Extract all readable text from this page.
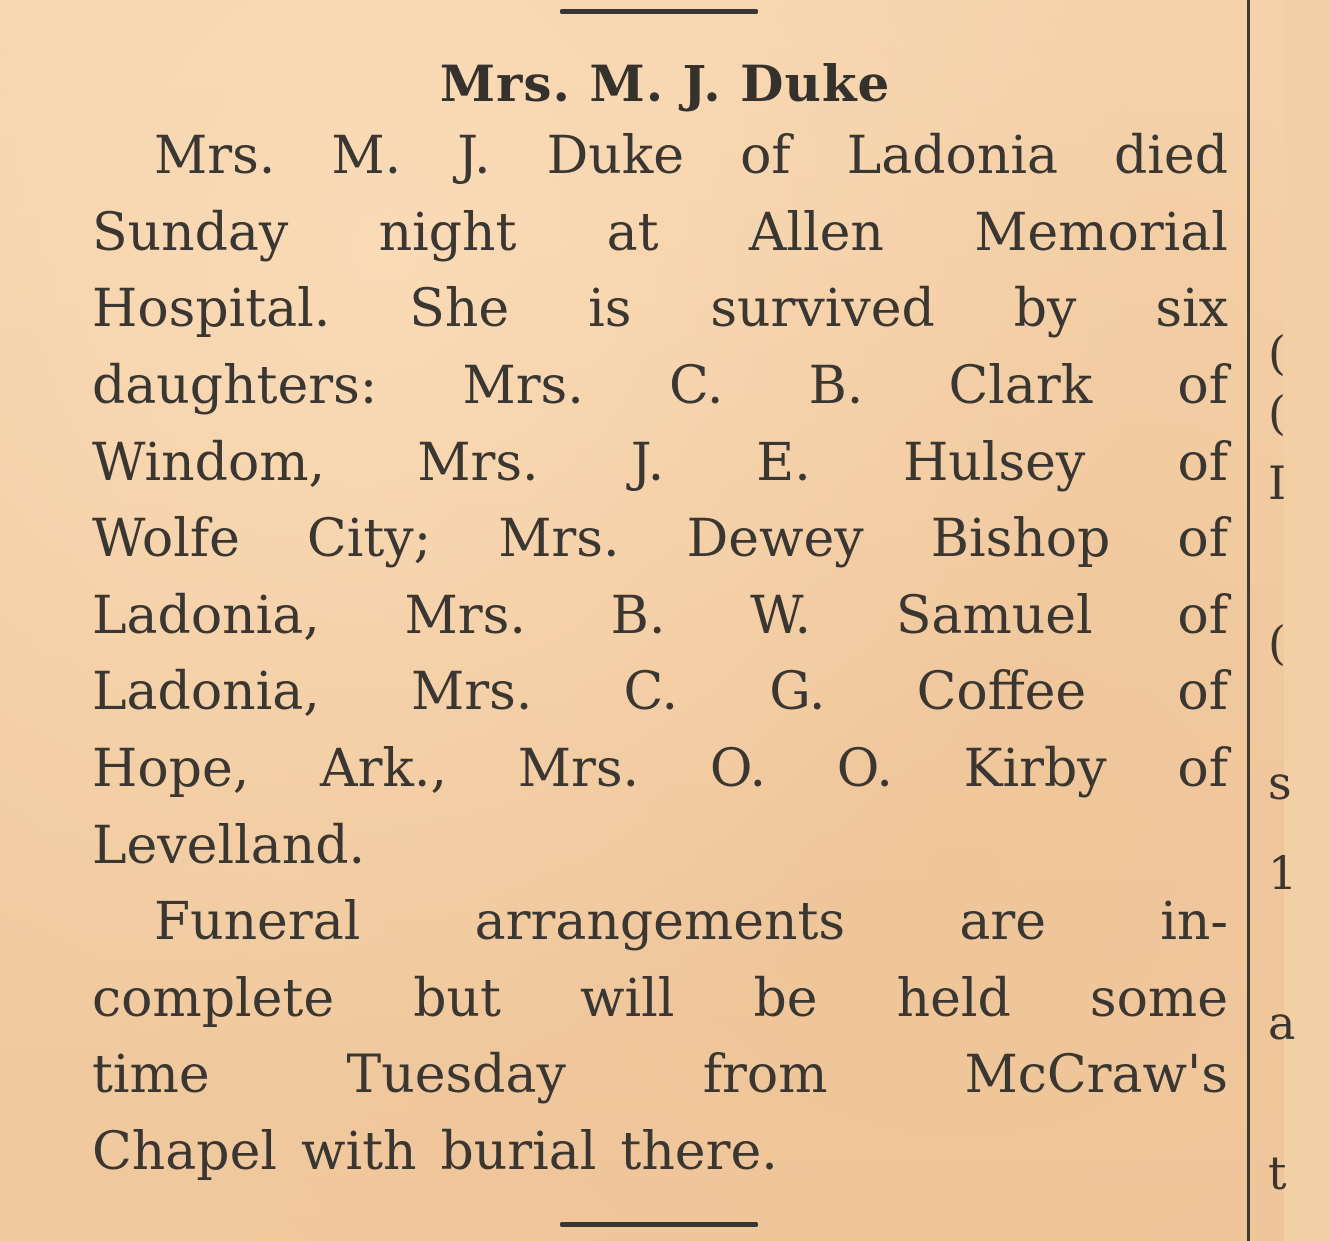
Mrs. M. J. Duke
Mrs. M. J. Duke of Ladonia died
Sunday night at Allen Memorial
Hospital. She is survived by six
daughters: Mrs. C. B. Clark of
Windom, Mrs. J. E. Hulsey of
Wolfe City; Mrs. Dewey Bishop of
Ladonia, Mrs. B. W. Samuel of
Ladonia, Mrs. C. G. Coffee of
Hope, Ark., Mrs. O. O. Kirby of
Levelland.
Funeral arrangements are in-
complete but will be held some
time	Tuesday	from	McCraw's
Chapel with burial there.
(
(
I
(
s
1
a
t
